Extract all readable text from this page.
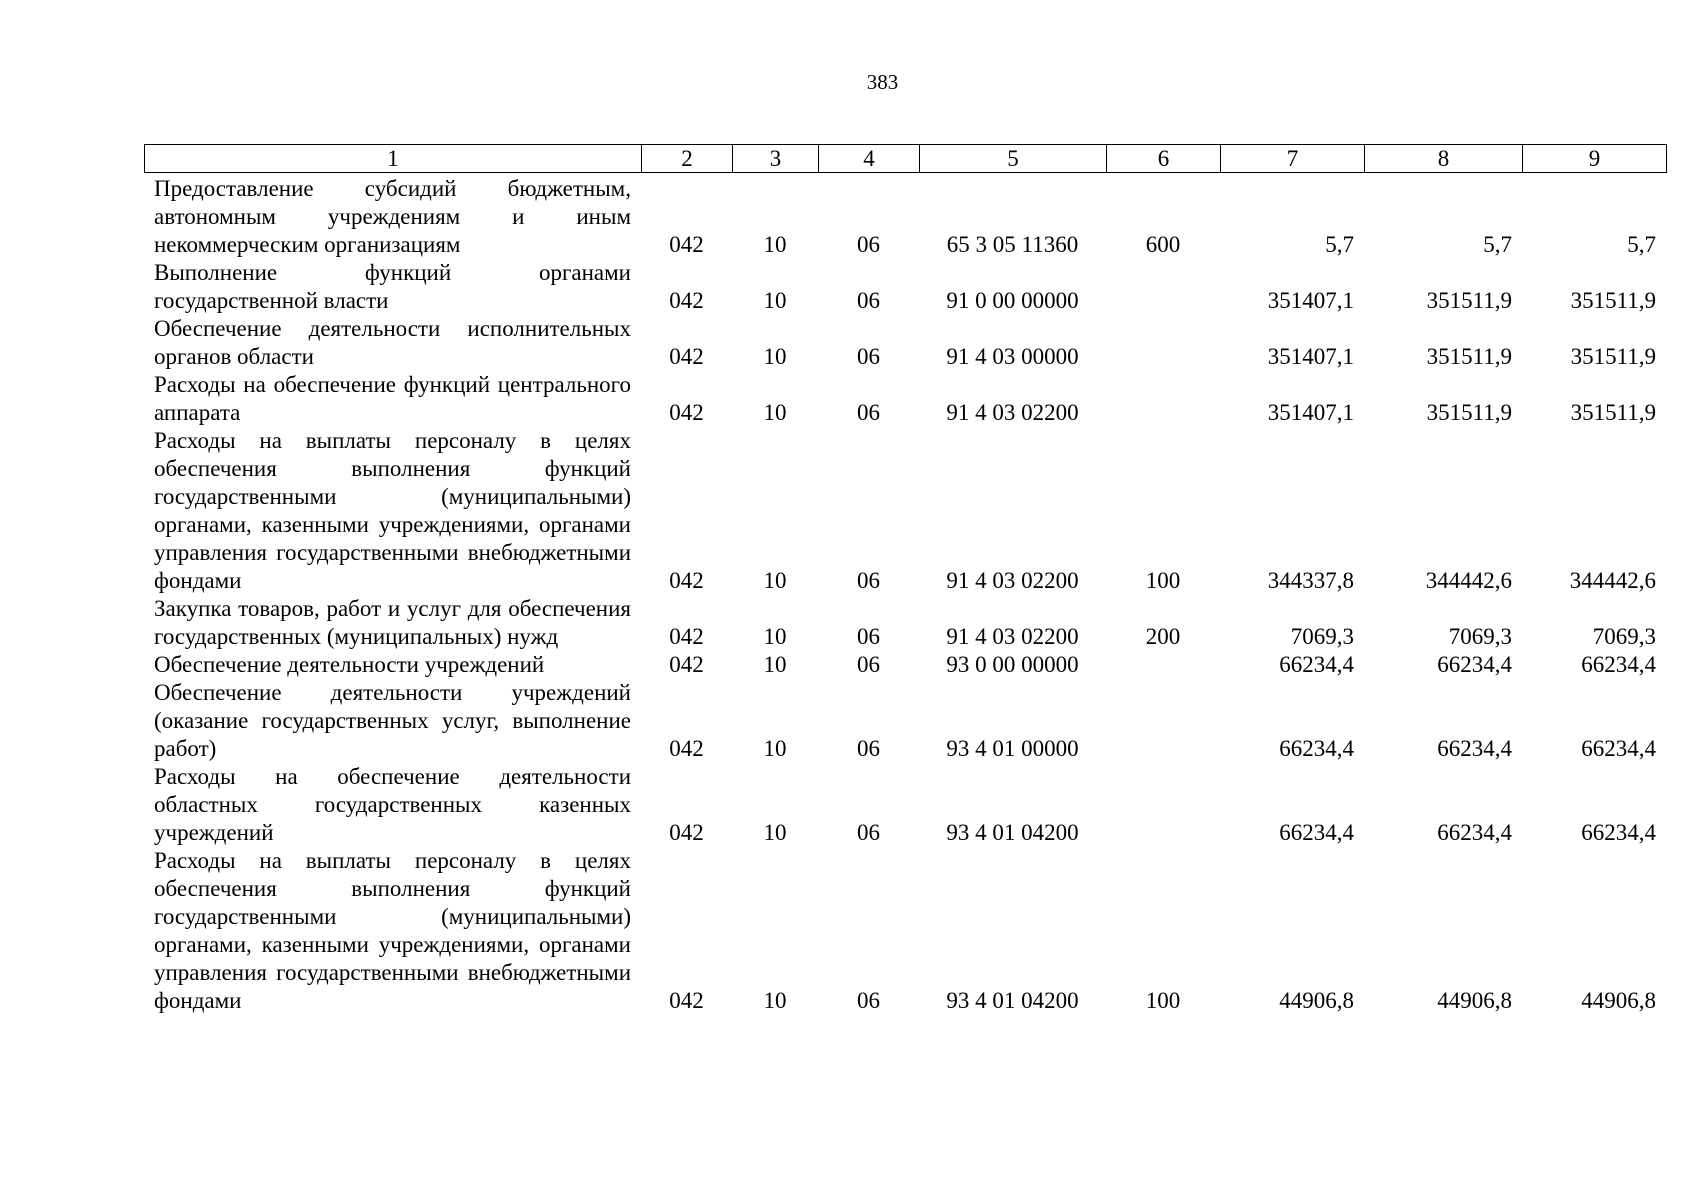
383
1	2	3	4	5	6	7	8	9
Предоставление субсидий бюджетным, автономным учреждениям и иным некоммерческим организациям	042	10	06	65 3 05 11360	600	5,7	5,7	5,7
Выполнение функций органами государственной власти	042	10	06	91 0 00 00000		351407,1	351511,9	351511,9
Обеспечение деятельности исполнительных органов области	042	10	06	91 4 03 00000		351407,1	351511,9	351511,9
Расходы на обеспечение функций центрального аппарата	042	10	06	91 4 03 02200		351407,1	351511,9	351511,9
Расходы на выплаты персоналу в целях обеспечения выполнения функций государственными (муниципальными) органами, казенными учреждениями, органами управления государственными внебюджетными фондами	042	10	06	91 4 03 02200	100	344337,8	344442,6	344442,6
Закупка товаров, работ и услуг для обеспечения государственных (муниципальных) нужд	042	10	06	91 4 03 02200	200	7069,3	7069,3	7069,3
Обеспечение деятельности учреждений	042	10	06	93 0 00 00000		66234,4	66234,4	66234,4
Обеспечение деятельности учреждений (оказание государственных услуг, выполнение работ)	042	10	06	93 4 01 00000		66234,4	66234,4	66234,4
Расходы на обеспечение деятельности областных государственных казенных учреждений	042	10	06	93 4 01 04200		66234,4	66234,4	66234,4
Расходы на выплаты персоналу в целях обеспечения выполнения функций государственными (муниципальными) органами, казенными учреждениями, органами управления государственными внебюджетными фондами	042	10	06	93 4 01 04200	100	44906,8	44906,8	44906,8
